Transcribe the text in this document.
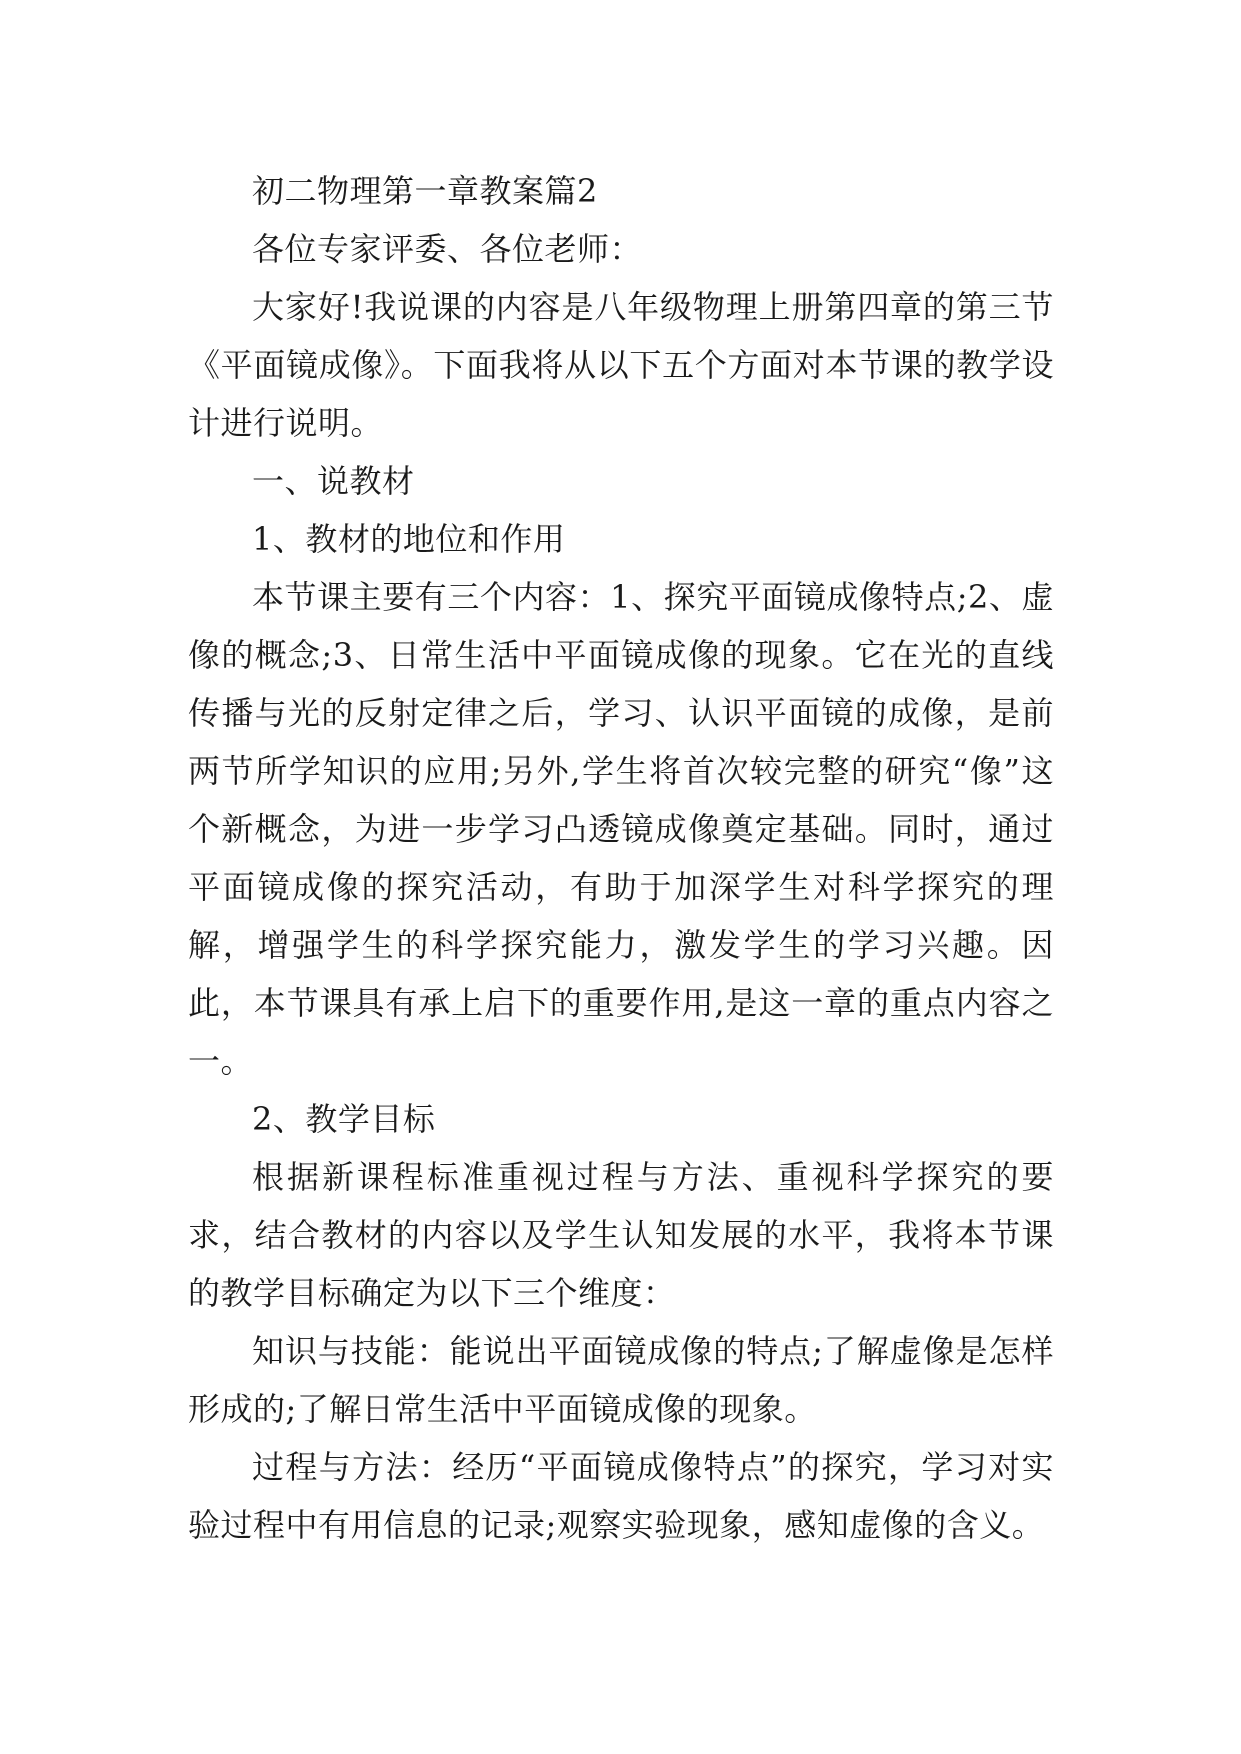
初二物理第一章教案篇2

各位专家评委、各位老师：

大家好!我说课的内容是八年级物理上册第四章的第三节《平面镜成像》。下面我将从以下五个方面对本节课的教学设计进行说明。

一、说教材

1、教材的地位和作用

本节课主要有三个内容：1、探究平面镜成像特点;2、虚像的概念;3、日常生活中平面镜成像的现象。它在光的直线传播与光的反射定律之后，学习、认识平面镜的成像，是前两节所学知识的应用;另外,学生将首次较完整的研究“像”这个新概念，为进一步学习凸透镜成像奠定基础。同时，通过平面镜成像的探究活动，有助于加深学生对科学探究的理解，增强学生的科学探究能力，激发学生的学习兴趣。因此，本节课具有承上启下的重要作用,是这一章的重点内容之一。

2、教学目标

根据新课程标准重视过程与方法、重视科学探究的要求，结合教材的内容以及学生认知发展的水平，我将本节课的教学目标确定为以下三个维度：

知识与技能：能说出平面镜成像的特点;了解虚像是怎样形成的;了解日常生活中平面镜成像的现象。

过程与方法：经历“平面镜成像特点”的探究，学习对实验过程中有用信息的记录;观察实验现象，感知虚像的含义。
